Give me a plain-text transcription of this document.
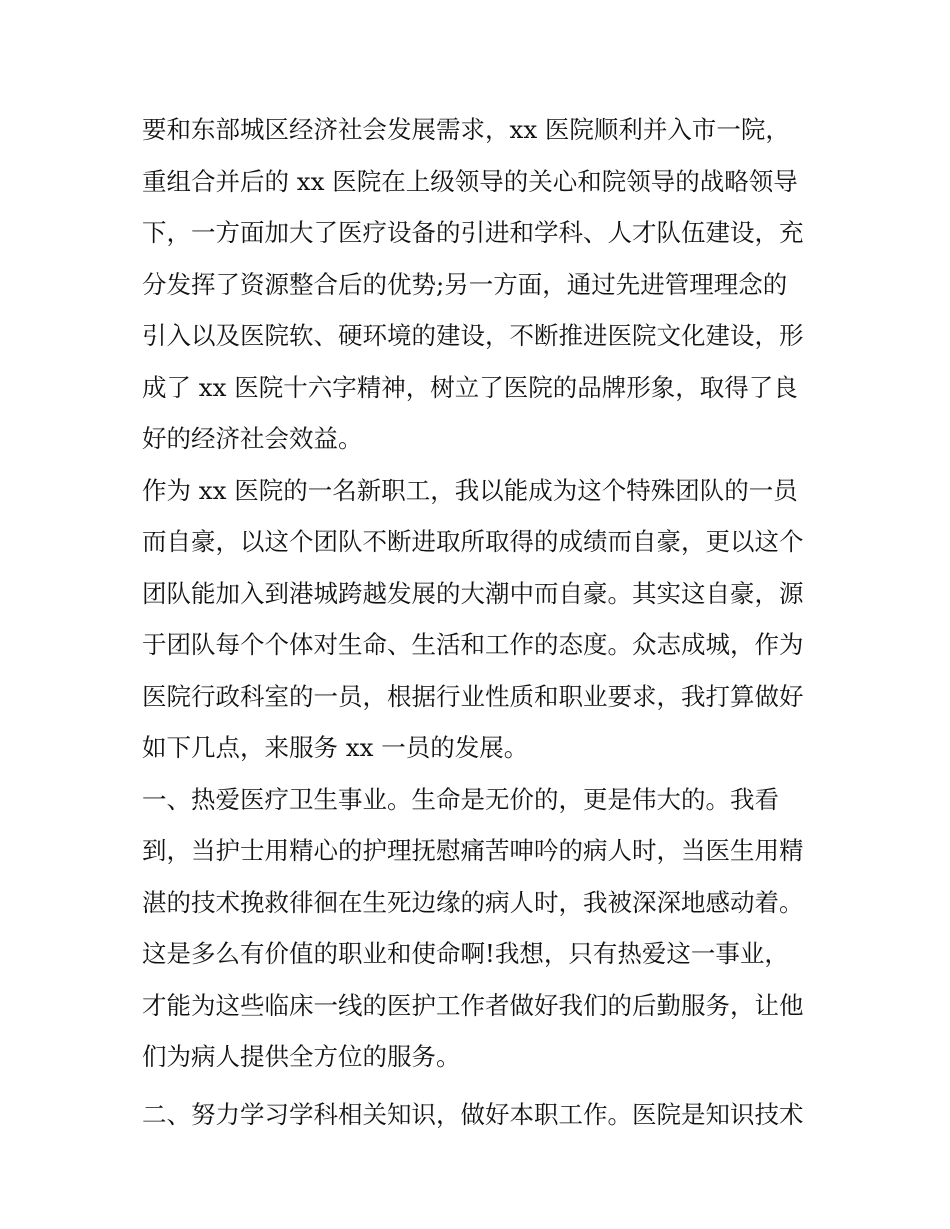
要和东部城区经济社会发展需求，xx 医院顺利并入市一院，
重组合并后的 xx 医院在上级领导的关心和院领导的战略领导
下，一方面加大了医疗设备的引进和学科、人才队伍建设，充
分发挥了资源整合后的优势;另一方面，通过先进管理理念的
引入以及医院软、硬环境的建设，不断推进医院文化建设，形
成了 xx 医院十六字精神，树立了医院的品牌形象，取得了良
好的经济社会效益。
作为 xx 医院的一名新职工，我以能成为这个特殊团队的一员
而自豪，以这个团队不断进取所取得的成绩而自豪，更以这个
团队能加入到港城跨越发展的大潮中而自豪。其实这自豪，源
于团队每个个体对生命、生活和工作的态度。众志成城，作为
医院行政科室的一员，根据行业性质和职业要求，我打算做好
如下几点，来服务 xx 一员的发展。
一、热爱医疗卫生事业。生命是无价的，更是伟大的。我看
到，当护士用精心的护理抚慰痛苦呻吟的病人时，当医生用精
湛的技术挽救徘徊在生死边缘的病人时，我被深深地感动着。
这是多么有价值的职业和使命啊!我想，只有热爱这一事业，
才能为这些临床一线的医护工作者做好我们的后勤服务，让他
们为病人提供全方位的服务。
二、努力学习学科相关知识，做好本职工作。医院是知识技术
